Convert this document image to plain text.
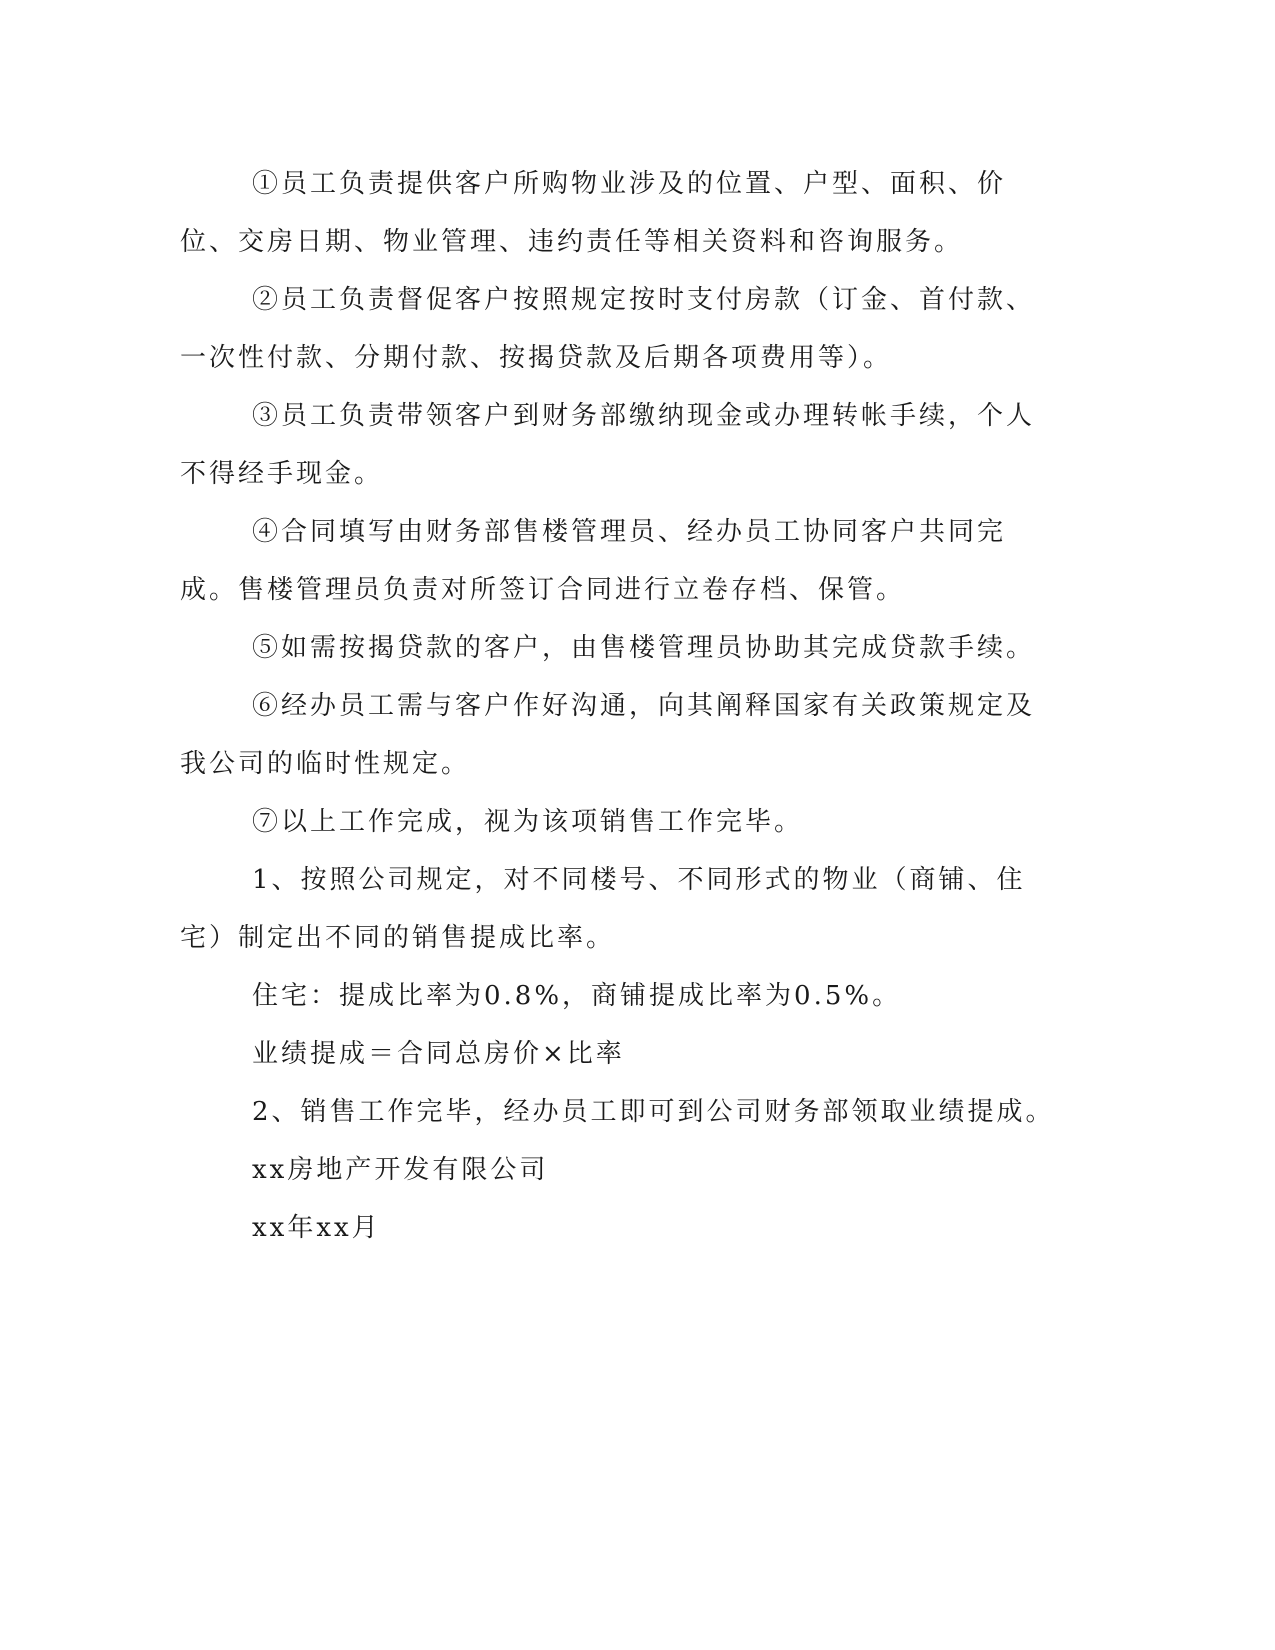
①员工负责提供客户所购物业涉及的位置、户型、面积、价位、交房日期、物业管理、违约责任等相关资料和咨询服务。

②员工负责督促客户按照规定按时支付房款（订金、首付款、一次性付款、分期付款、按揭贷款及后期各项费用等）。

③员工负责带领客户到财务部缴纳现金或办理转帐手续，个人不得经手现金。

④合同填写由财务部售楼管理员、经办员工协同客户共同完成。售楼管理员负责对所签订合同进行立卷存档、保管。

⑤如需按揭贷款的客户，由售楼管理员协助其完成贷款手续。

⑥经办员工需与客户作好沟通，向其阐释国家有关政策规定及我公司的临时性规定。

⑦以上工作完成，视为该项销售工作完毕。

1、按照公司规定，对不同楼号、不同形式的物业（商铺、住宅）制定出不同的销售提成比率。

住宅：提成比率为0.8%，商铺提成比率为0.5%。

业绩提成＝合同总房价×比率

2、销售工作完毕，经办员工即可到公司财务部领取业绩提成。

xx房地产开发有限公司

xx年xx月
